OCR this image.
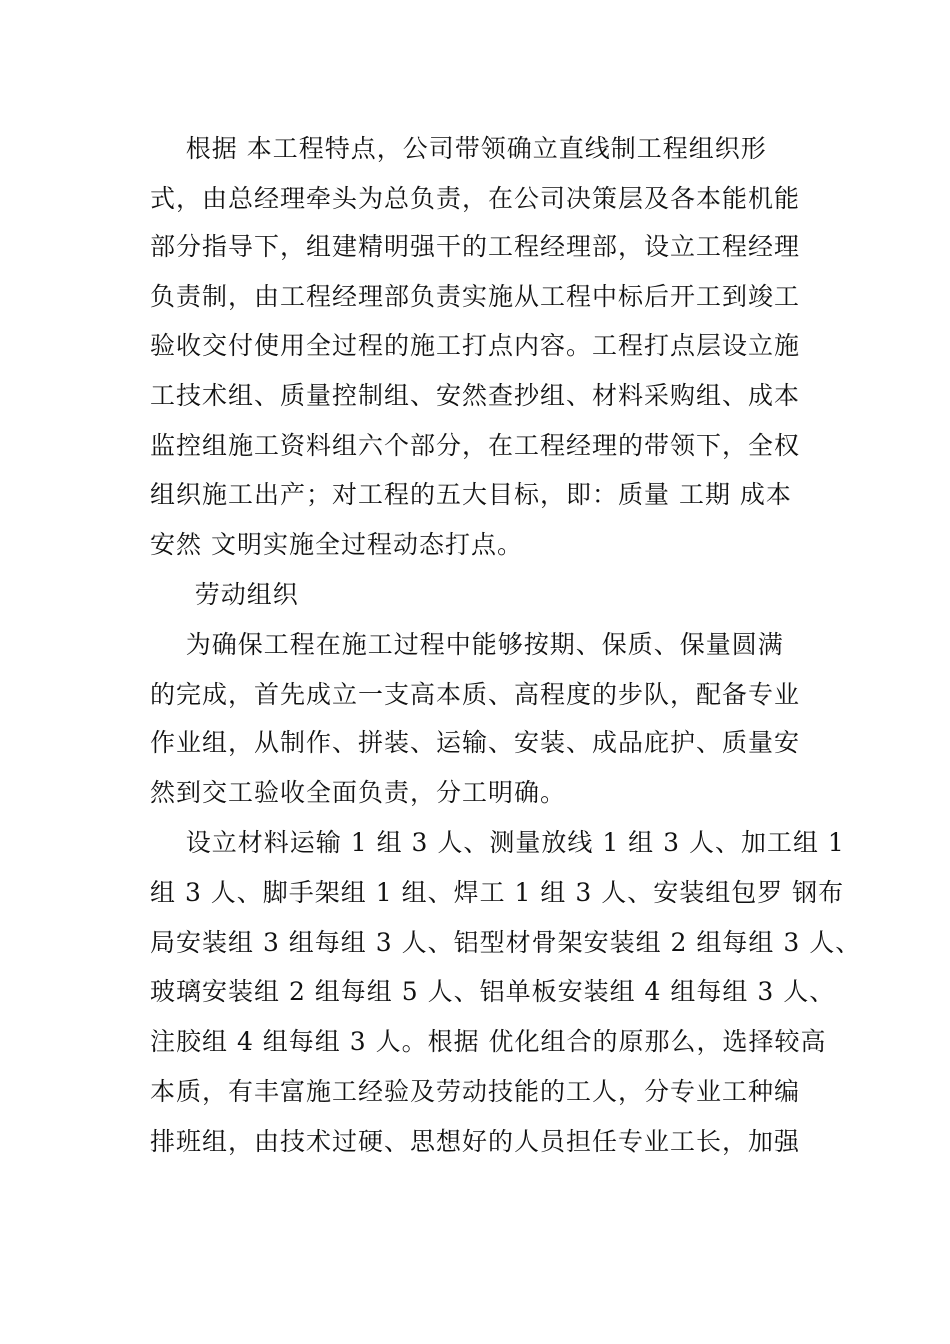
根据 本工程特点，公司带领确立直线制工程组织形
式，由总经理牵头为总负责，在公司决策层及各本能机能
部分指导下，组建精明强干的工程经理部，设立工程经理
负责制，由工程经理部负责实施从工程中标后开工到竣工
验收交付使用全过程的施工打点内容。工程打点层设立施
工技术组、质量控制组、安然查抄组、材料采购组、成本
监控组施工资料组六个部分，在工程经理的带领下，全权
组织施工出产；对工程的五大目标，即：质量 工期 成本
安然 文明实施全过程动态打点。
劳动组织
为确保工程在施工过程中能够按期、保质、保量圆满
的完成，首先成立一支高本质、高程度的步队，配备专业
作业组，从制作、拼装、运输、安装、成品庇护、质量安
然到交工验收全面负责，分工明确。
设立材料运输 1 组 3 人、测量放线 1 组 3 人、加工组 1
组 3 人、脚手架组 1 组、焊工 1 组 3 人、安装组包罗 钢布
局安装组 3 组每组 3 人、铝型材骨架安装组 2 组每组 3 人、
玻璃安装组 2 组每组 5 人、铝单板安装组 4 组每组 3 人、
注胶组 4 组每组 3 人。根据 优化组合的原那么，选择较高
本质，有丰富施工经验及劳动技能的工人，分专业工种编
排班组，由技术过硬、思想好的人员担任专业工长，加强
